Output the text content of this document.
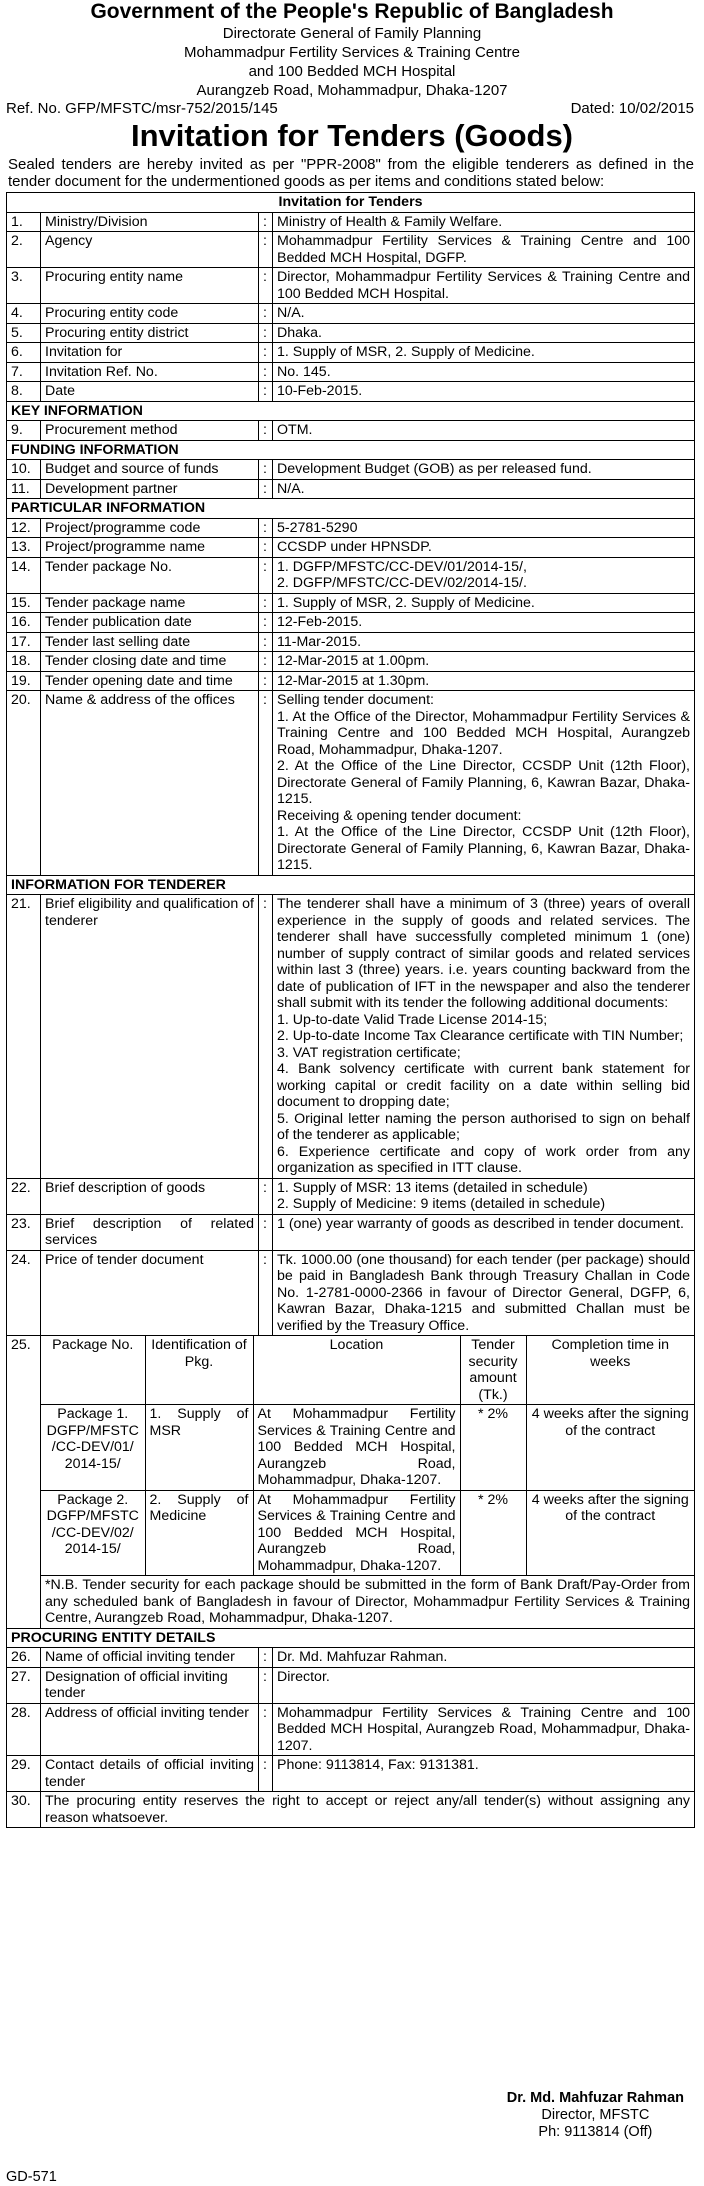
Government of the People's Republic of Bangladesh
Directorate General of Family Planning
Mohammadpur Fertility Services & Training Centre
and 100 Bedded MCH Hospital
Aurangzeb Road, Mohammadpur, Dhaka-1207
Ref. No. GFP/MFSTC/msr-752/2015/145	Dated: 10/02/2015
Invitation for Tenders (Goods)
Sealed tenders are hereby invited as per "PPR-2008" from the eligible tenderers as defined in the tender document for the undermentioned goods as per items and conditions stated below:
Invitation for Tenders
1.	Ministry/Division	:	Ministry of Health & Family Welfare.
2.	Agency	:	Mohammadpur Fertility Services & Training Centre and 100 Bedded MCH Hospital, DGFP.
3.	Procuring entity name	:	Director, Mohammadpur Fertility Services & Training Centre and 100 Bedded MCH Hospital.
4.	Procuring entity code	:	N/A.
5.	Procuring entity district	:	Dhaka.
6.	Invitation for	:	1. Supply of MSR, 2. Supply of Medicine.
7.	Invitation Ref. No.	:	No. 145.
8.	Date	:	10-Feb-2015.
KEY INFORMATION
9.	Procurement method	:	OTM.
FUNDING INFORMATION
10.	Budget and source of funds	:	Development Budget (GOB) as per released fund.
11.	Development partner	:	N/A.
PARTICULAR INFORMATION
12.	Project/programme code	:	5-2781-5290
13.	Project/programme name	:	CCSDP under HPNSDP.
14.	Tender package No.	:	1. DGFP/MFSTC/CC-DEV/01/2014-15/,
2. DGFP/MFSTC/CC-DEV/02/2014-15/.

15.	Tender package name	:	1. Supply of MSR, 2. Supply of Medicine.
16.	Tender publication date	:	12-Feb-2015.
17.	Tender last selling date	:	11-Mar-2015.
18.	Tender closing date and time	:	12-Mar-2015 at 1.00pm.
19.	Tender opening date and time	:	12-Mar-2015 at 1.30pm.
20.	Name & address of the offices	:	Selling tender document:
1. At the Office of the Director, Mohammadpur Fertility Services & Training Centre and 100 Bedded MCH Hospital, Aurangzeb Road, Mohammadpur, Dhaka-1207.
2. At the Office of the Line Director, CCSDP Unit (12th Floor), Directorate General of Family Planning, 6, Kawran Bazar, Dhaka-1215.
Receiving & opening tender document:
1. At the Office of the Line Director, CCSDP Unit (12th Floor), Directorate General of Family Planning, 6, Kawran Bazar, Dhaka-1215.

INFORMATION FOR TENDERER
21.	Brief eligibility and qualification of tenderer	:	The tenderer shall have a minimum of 3 (three) years of overall experience in the supply of goods and related services. The tenderer shall have successfully completed minimum 1 (one) number of supply contract of similar goods and related services within last 3 (three) years. i.e. years counting backward from the date of publication of IFT in the newspaper and also the tenderer shall submit with its tender the following additional documents:
1. Up-to-date Valid Trade License 2014-15;
2. Up-to-date Income Tax Clearance certificate with TIN Number;
3. VAT registration certificate;
4. Bank solvency certificate with current bank statement for working capital or credit facility on a date within selling bid document to dropping date;
5. Original letter naming the person authorised to sign on behalf of the tenderer as applicable;
6. Experience certificate and copy of work order from any organization as specified in ITT clause.

22.	Brief description of goods	:	1. Supply of MSR: 13 items (detailed in schedule)
2. Supply of Medicine: 9 items (detailed in schedule)

23.	Brief description of related services	:	1 (one) year warranty of goods as described in tender document.
24.	Price of tender document	:	Tk. 1000.00 (one thousand) for each tender (per package) should be paid in Bangladesh Bank through Treasury Challan in Code No. 1-2781-0000-2366 in favour of Director General, DGFP, 6, Kawran Bazar, Dhaka-1215 and submitted Challan must be verified by the Treasury Office.
25.	Package No.	Identification of Pkg.	Location	Tender security amount (Tk.)	Completion time in weeks
Package 1. DGFP/MFSTC /CC-DEV/01/ 2014-15/	1. Supply of MSR	At Mohammadpur Fertility Services & Training Centre and 100 Bedded MCH Hospital, Aurangzeb Road, Mohammadpur, Dhaka-1207.	* 2%	4 weeks after the signing of the contract
Package 2. DGFP/MFSTC /CC-DEV/02/ 2014-15/	2. Supply of Medicine	At Mohammadpur Fertility Services & Training Centre and 100 Bedded MCH Hospital, Aurangzeb Road, Mohammadpur, Dhaka-1207.	* 2%	4 weeks after the signing of the contract
*N.B. Tender security for each package should be submitted in the form of Bank Draft/Pay-Order from any scheduled bank of Bangladesh in favour of Director, Mohammadpur Fertility Services & Training Centre, Aurangzeb Road, Mohammadpur, Dhaka-1207.

PROCURING ENTITY DETAILS
26.	Name of official inviting tender	:	Dr. Md. Mahfuzar Rahman.
27.	Designation of official inviting tender	:	Director.
28.	Address of official inviting tender	:	Mohammadpur Fertility Services & Training Centre and 100 Bedded MCH Hospital, Aurangzeb Road, Mohammadpur, Dhaka-1207.
29.	Contact details of official inviting tender	:	Phone: 9113814, Fax: 9131381.
30.	The procuring entity reserves the right to accept or reject any/all tender(s) without assigning any reason whatsoever.
Dr. Md. Mahfuzar Rahman
Director, MFSTC
Ph: 9113814 (Off)
GD-571
